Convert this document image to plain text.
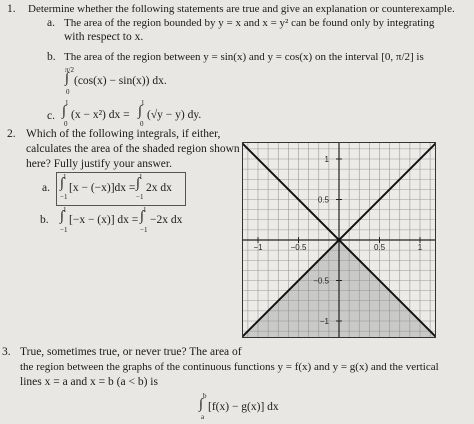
1. Determine whether the following statements are true and give an explanation or counterexample.
a. The area of the region bounded by y = x and x = y² can be found only by integrating
with respect to x.
b. The area of the region between y = sin(x) and y = cos(x) on the interval [0, π/2] is
π/2
∫
0
(cos(x) − sin(x)) dx.
c.
1
∫
0
(x − x²) dx =
1
∫
0
(√y − y) dy.
2. Which of the following integrals, if either,
calculates the area of the shaded region shown
here? Fully justify your answer.
a.
1
∫
−1
[x − (−x)]dx =
1
∫
−1
2x dx
b.
1
∫
−1
[−x − (x)] dx =
1
∫
−1
−2x dx
−1	−0.5	0.5	1
1
0.5
−0.5
−1
3. True, sometimes true, or never true? The area of
the region between the graphs of the continuous functions y = f(x) and y = g(x) and the vertical
lines x = a and x = b (a < b) is
b
∫
a
[f(x) − g(x)] dx
